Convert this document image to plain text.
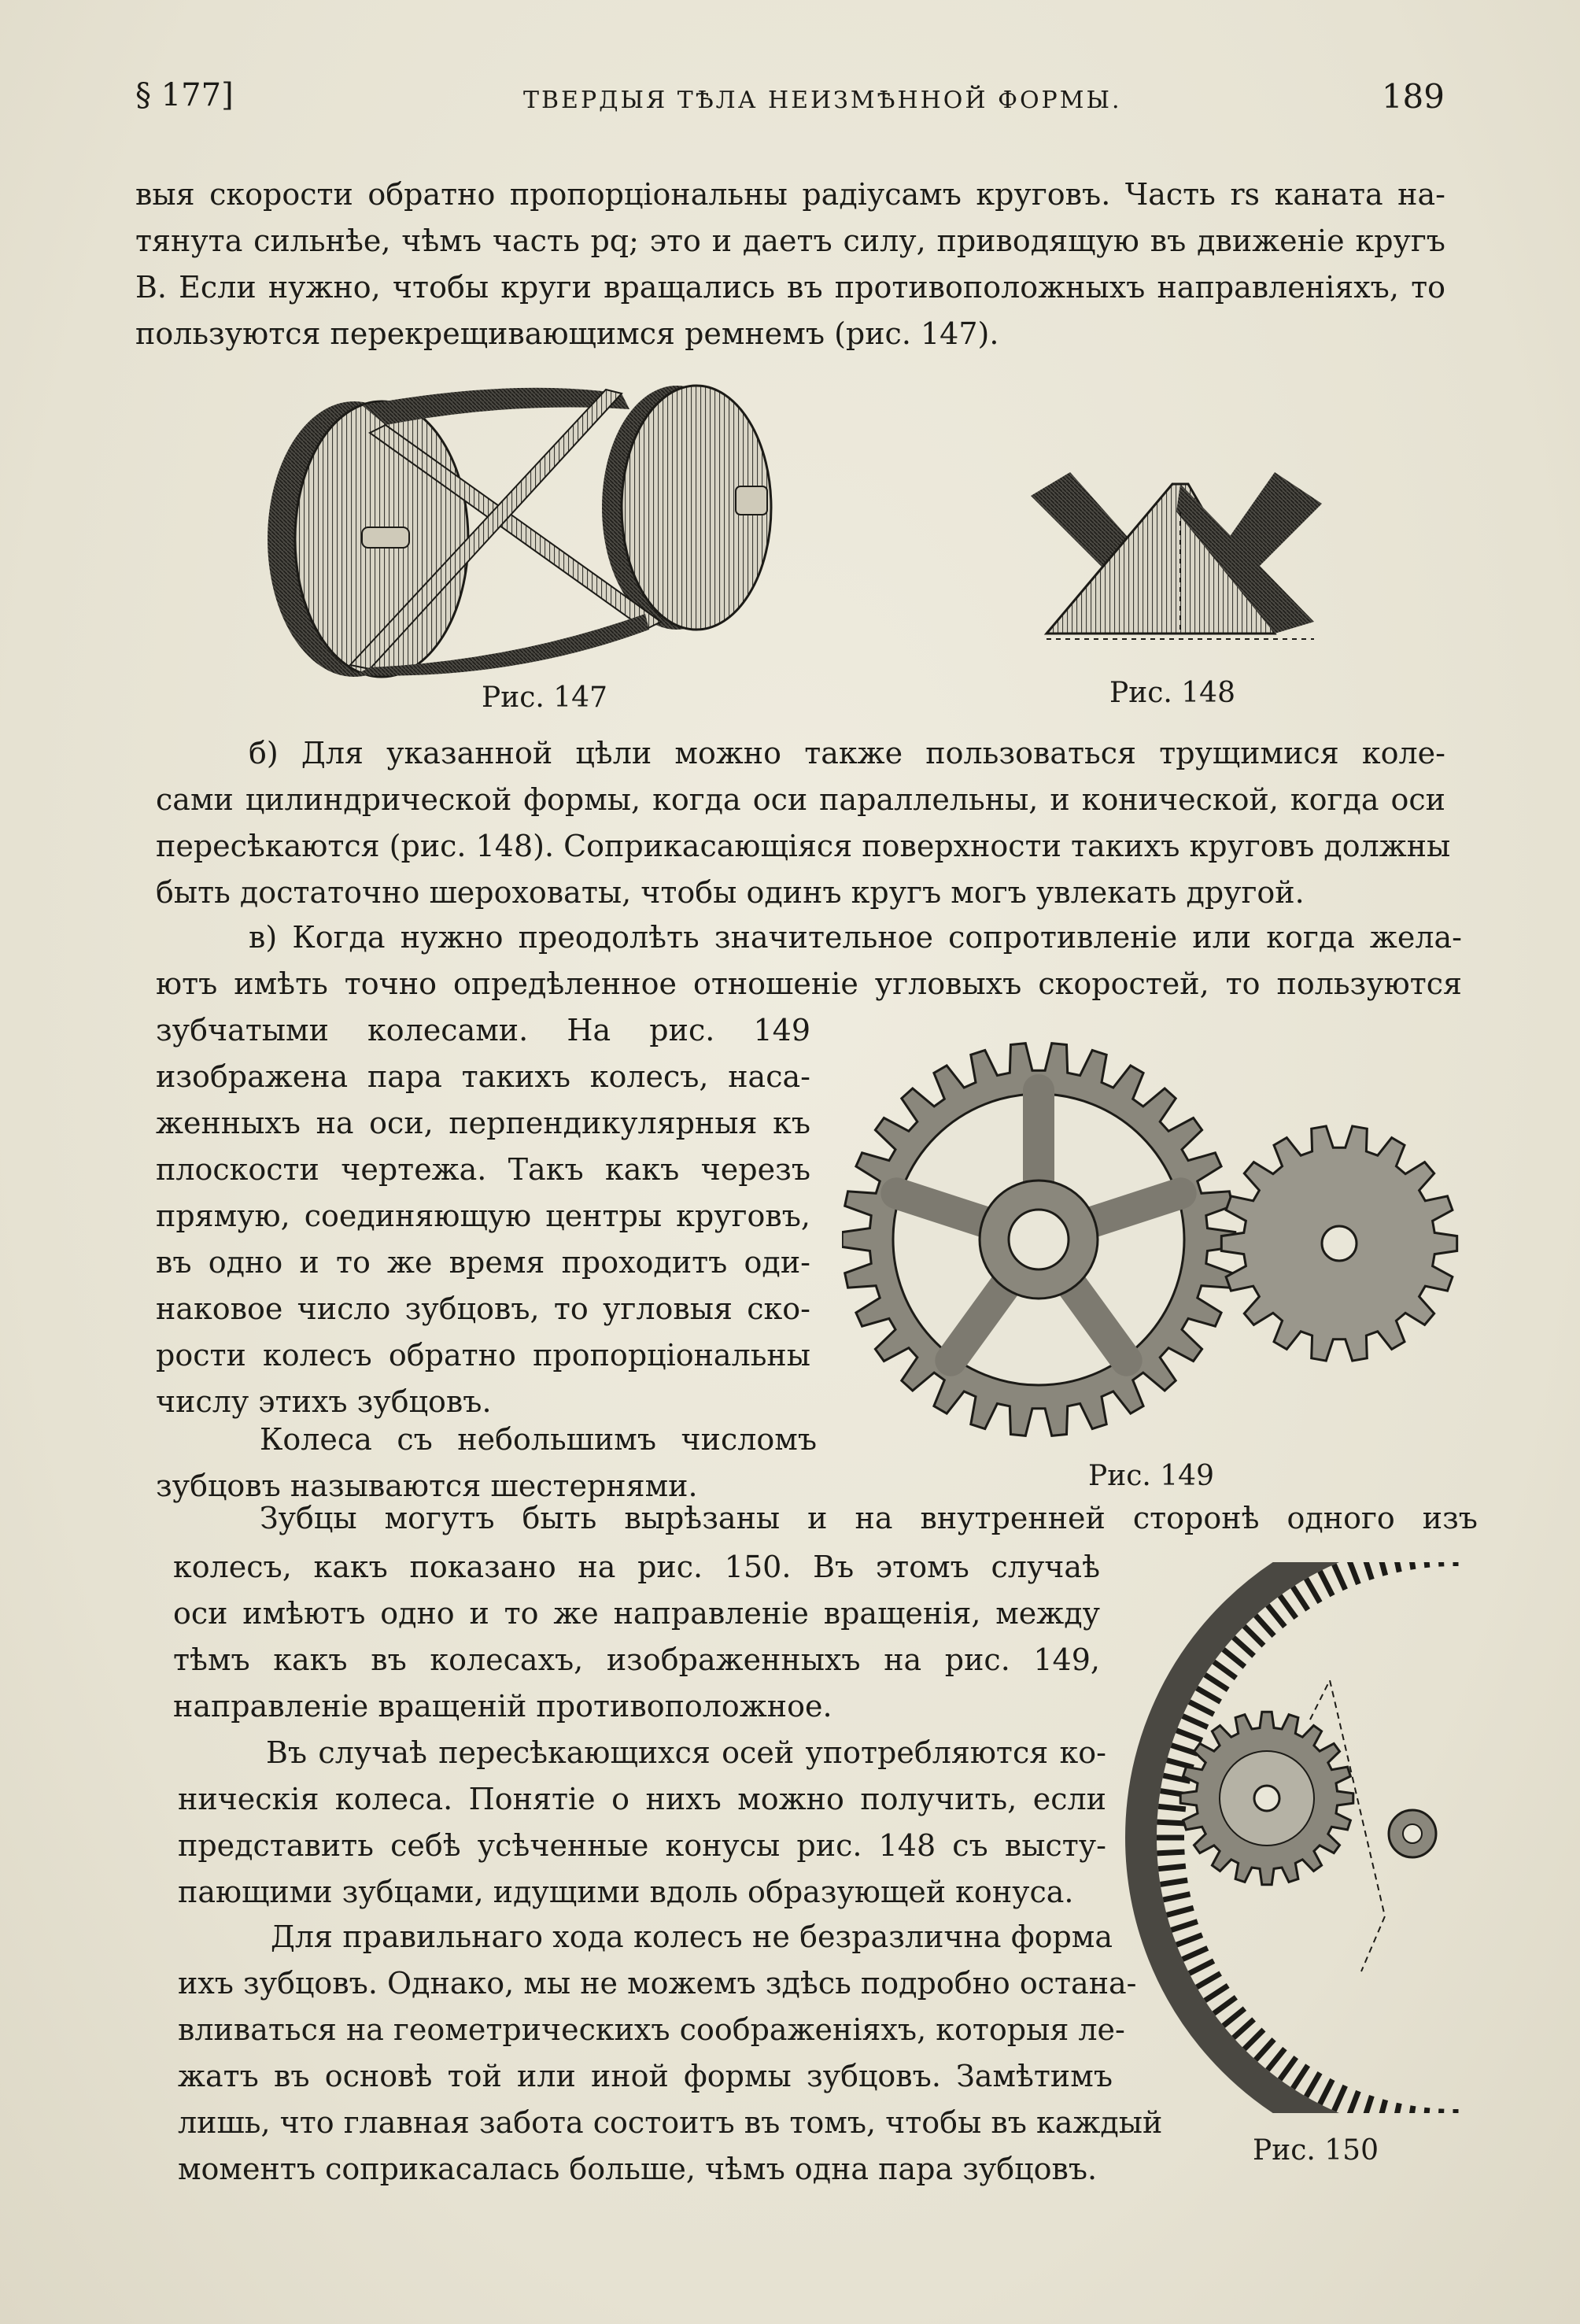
§ 177]	ТВЕРДЫЯ ТѢЛА НЕИЗМѢННОЙ ФОРМЫ.	189
выя скорости обратно пропорціональны радіусамъ круговъ. Часть rs каната на-
тянута сильнѣе, чѣмъ часть pq; это и даетъ силу, приводящую въ движеніе кругъ
B. Если нужно, чтобы круги вращались въ противоположныхъ направленіяхъ, то
пользуются перекрещивающимся ремнемъ (рис. 147).
Рис. 147	Рис. 148
б) Для указанной цѣли можно также пользоваться трущимися коле-
сами цилиндрической формы, когда оси параллельны, и конической, когда оси
пересѣкаются (рис. 148). Соприкасающіяся поверхности такихъ круговъ должны
быть достаточно шероховаты, чтобы одинъ кругъ могъ увлекать другой.
в) Когда нужно преодолѣть значительное сопротивленіе или когда жела-
ютъ имѣть точно опредѣленное отношеніе угловыхъ скоростей, то пользуются
зубчатыми колесами. На рис. 149
изображена пара такихъ колесъ, наса-
женныхъ на оси, перпендикулярныя къ
плоскости чертежа. Такъ какъ черезъ
прямую, соединяющую центры круговъ,
въ одно и то же время проходитъ оди-
наковое число зубцовъ, то угловыя ско-
рости колесъ обратно пропорціональны
числу этихъ зубцовъ.
Колеса съ небольшимъ числомъ
зубцовъ называются шестернями.	Рис. 149
Зубцы могутъ быть вырѣзаны и на внутренней сторонѣ одного изъ
колесъ, какъ показано на рис. 150. Въ этомъ случаѣ
оси имѣютъ одно и то же направленіе вращенія, между
тѣмъ какъ въ колесахъ, изображенныхъ на рис. 149,
направленіе вращеній противоположное.
Въ случаѣ пересѣкающихся осей употребляются ко-
ническія колеса. Понятіе о нихъ можно получить, если
представить себѣ усѣченные конусы рис. 148 съ высту-
пающими зубцами, идущими вдоль образующей конуса.
Для правильнаго хода колесъ не безразлична форма
ихъ зубцовъ. Однако, мы не можемъ здѣсь подробно остана-
вливаться на геометрическихъ соображеніяхъ, которыя ле-
жатъ въ основѣ той или иной формы зубцовъ. Замѣтимъ
лишь, что главная забота состоитъ въ томъ, чтобы въ каждый
моментъ соприкасалась больше, чѣмъ одна пара зубцовъ.
Рис. 150
